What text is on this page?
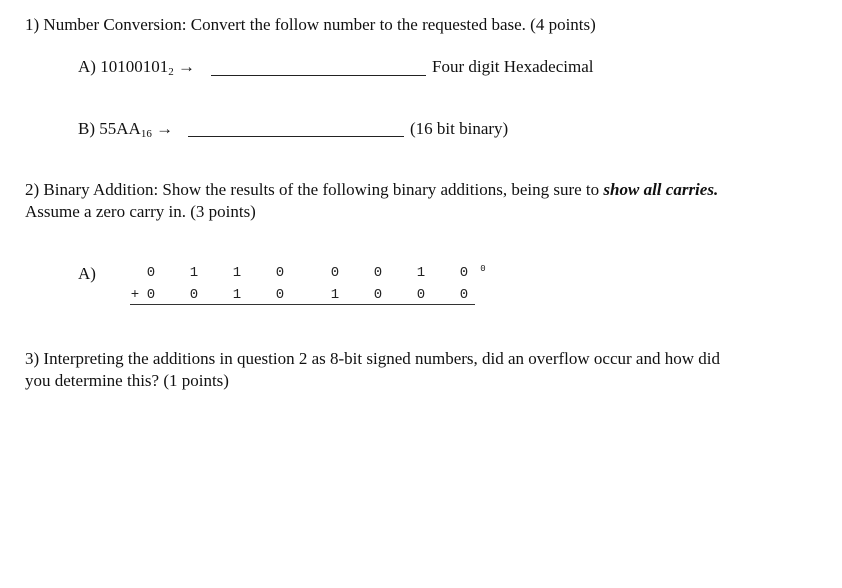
1) Number Conversion: Convert the follow number to the requested base. (4 points)
A) $10100101_2$ →	Four digit Hexadecimal
B) $55AA_{16}$ →	(16 bit binary)
2) Binary Addition: Show the results of the following binary additions, being sure to show all carries.
Assume a zero carry in. (3 points)
A)	0 1 1 0	0 0 1 0	0
+ 0 0 1 0	1 0 0 0
3) Interpreting the additions in question 2 as 8-bit signed numbers, did an overflow occur and how did
you determine this? (1 points)
